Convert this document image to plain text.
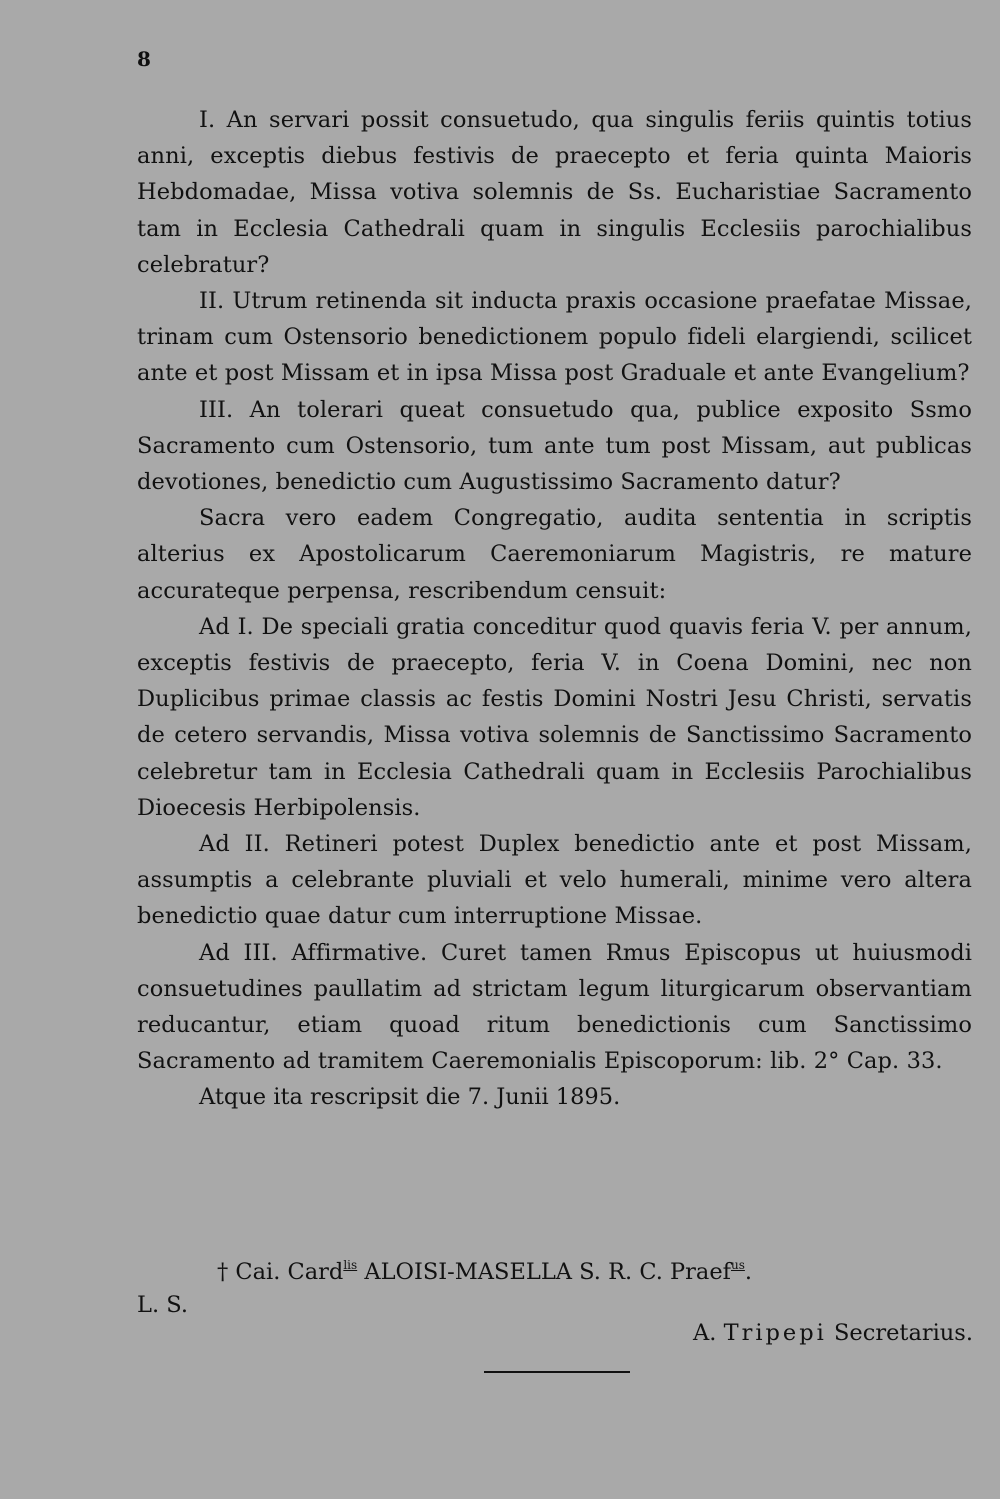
8

I. An servari possit consuetudo, qua singulis feriis quintis totius anni, exceptis diebus festivis de praecepto et feria quinta Maioris Hebdomadae, Missa votiva solemnis de Ss. Eucharistiae Sacramento tam in Ecclesia Cathedrali quam in singulis Ecclesiis parochialibus celebratur?

II. Utrum retinenda sit inducta praxis occasione praefatae Missae, trinam cum Ostensorio benedictionem populo fideli elargiendi, scilicet ante et post Missam et in ipsa Missa post Graduale et ante Evangelium?

III. An tolerari queat consuetudo qua, publice exposito Ssmo Sacramento cum Ostensorio, tum ante tum post Missam, aut publicas devotiones, benedictio cum Augustissimo Sacramento datur?

Sacra vero eadem Congregatio, audita sententia in scriptis alterius ex Apostolicarum Caeremoniarum Magistris, re mature accurateque perpensa, rescribendum censuit:

Ad I. De speciali gratia conceditur quod quavis feria V. per annum, exceptis festivis de praecepto, feria V. in Coena Domini, nec non Duplicibus primae classis ac festis Domini Nostri Jesu Christi, servatis de cetero servandis, Missa votiva solemnis de Sanctissimo Sacramento celebretur tam in Ecclesia Cathedrali quam in Ecclesiis Parochialibus Dioecesis Herbipolensis.

Ad II. Retineri potest Duplex benedictio ante et post Missam, assumptis a celebrante pluviali et velo humerali, minime vero altera benedictio quae datur cum interruptione Missae.

Ad III. Affirmative. Curet tamen Rmus Episcopus ut huiusmodi consuetudines paullatim ad strictam legum liturgicarum observantiam reducantur, etiam quoad ritum benedictionis cum Sanctissimo Sacramento ad tramitem Caeremonialis Episcoporum: lib. 2° Cap. 33.

Atque ita rescripsit die 7. Junii 1895.

† Cai. Card$^{lis}$ ALOISI-MASELLA S. R. C. Praef$^{us}$.
L. S.
A. Tripepi Secretarius.
